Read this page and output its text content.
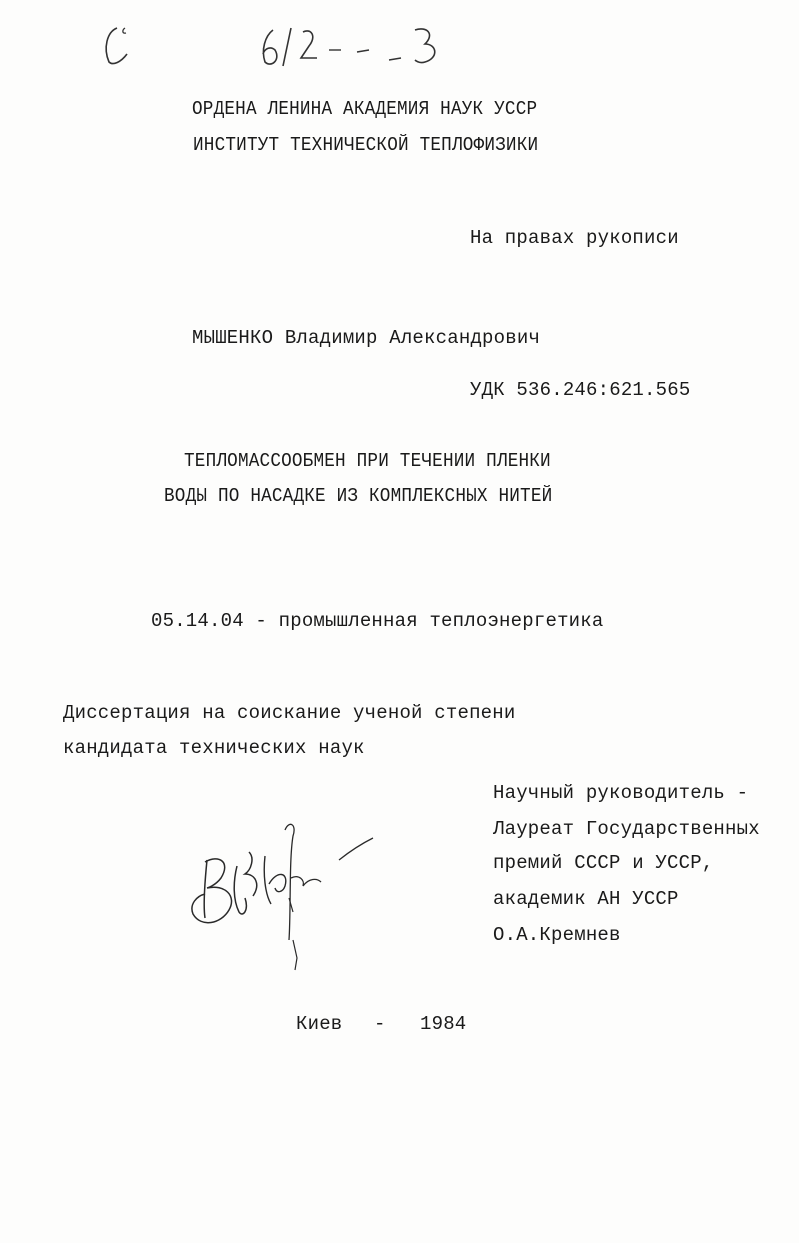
ОРДЕНА ЛЕНИНА АКАДЕМИЯ НАУК УССР
ИНСТИТУТ ТЕХНИЧЕСКОЙ ТЕПЛОФИЗИКИ
На правах рукописи
МЫШЕНКО Владимир Александрович
УДК 536.246:621.565
ТЕПЛОМАССООБМЕН ПРИ ТЕЧЕНИИ ПЛЕНКИ
ВОДЫ ПО НАСАДКЕ ИЗ КОМПЛЕКСНЫХ НИТЕЙ
05.14.04 - промышленная теплоэнергетика
Диссертация на соискание ученой степени
кандидата технических наук
Научный руководитель -
Лауреат Государственных
премий СССР и УССР,
академик АН УССР
О.А.Кремнев
Киев - 1984
